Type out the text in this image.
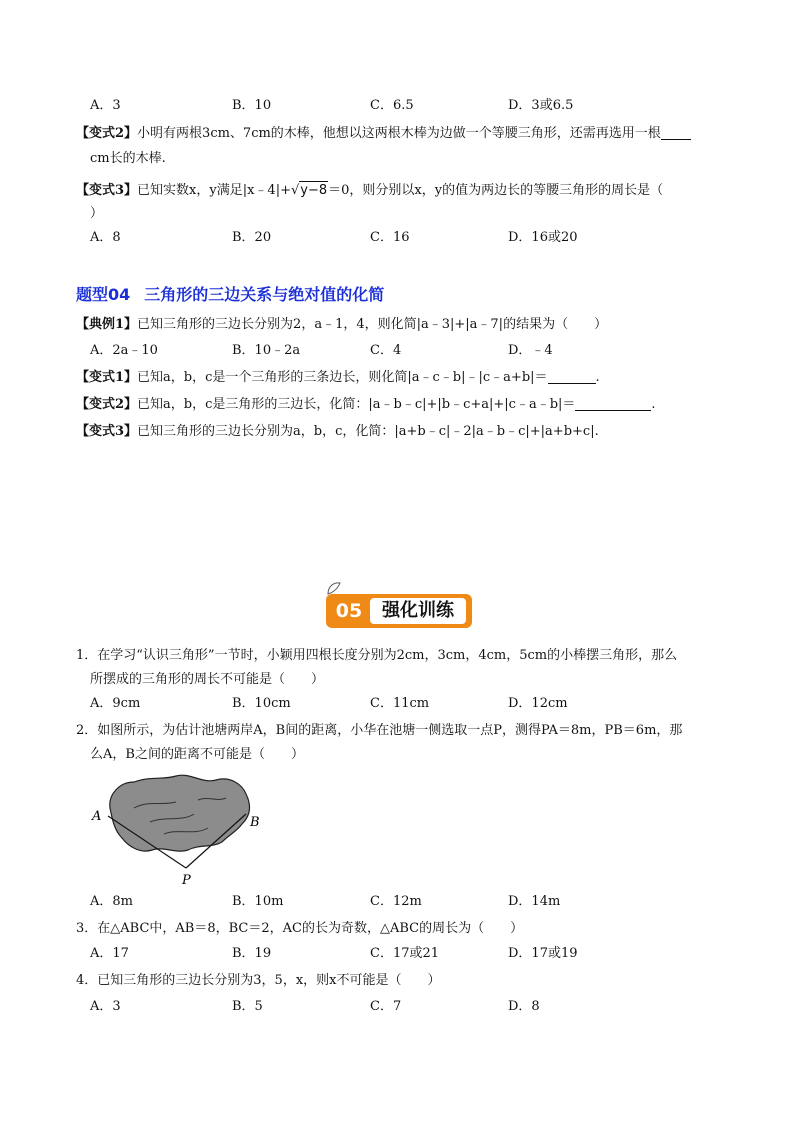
A．3	B．10	C．6.5	D．3或6.5
【变式2】小明有两根3cm、7cm的木棒，他想以这两根木棒为边做一个等腰三角形，还需再选用一根
cm长的木棒.
【变式3】已知实数x，y满足|x﹣4|+√y−8＝0，则分别以x，y的值为两边长的等腰三角形的周长是（
）
A．8	B．20	C．16	D．16或20
题型04 三角形的三边关系与绝对值的化简
【典例1】已知三角形的三边长分别为2，a﹣1，4，则化简|a﹣3|+|a﹣7|的结果为（　　）
A．2a﹣10	B．10﹣2a	C．4	D．﹣4
【变式1】已知a，b，c是一个三角形的三条边长，则化简|a﹣c﹣b|﹣|c﹣a+b|＝	.
【变式2】已知a，b，c是三角形的三边长，化简：|a﹣b﹣c|+|b﹣c+a|+|c﹣a﹣b|＝	.
【变式3】已知三角形的三边长分别为a，b，c，化简：|a+b﹣c|﹣2|a﹣b﹣c|+|a+b+c|.
05	强化训练
1．在学习“认识三角形”一节时，小颖用四根长度分别为2cm，3cm，4cm，5cm的小棒摆三角形，那么
所摆成的三角形的周长不可能是（　　）
A．9cm	B．10cm	C．11cm	D．12cm
2．如图所示，为估计池塘两岸A，B间的距离，小华在池塘一侧选取一点P，测得PA＝8m，PB＝6m，那
么A，B之间的距离不可能是（　　）
A	B
P
A．8m	B．10m	C．12m	D．14m
3．在△ABC中，AB＝8，BC＝2，AC的长为奇数，△ABC的周长为（　　）
A．17	B．19	C．17或21	D．17或19
4．已知三角形的三边长分别为3，5，x，则x不可能是（　　）
A．3	B．5	C．7	D．8
